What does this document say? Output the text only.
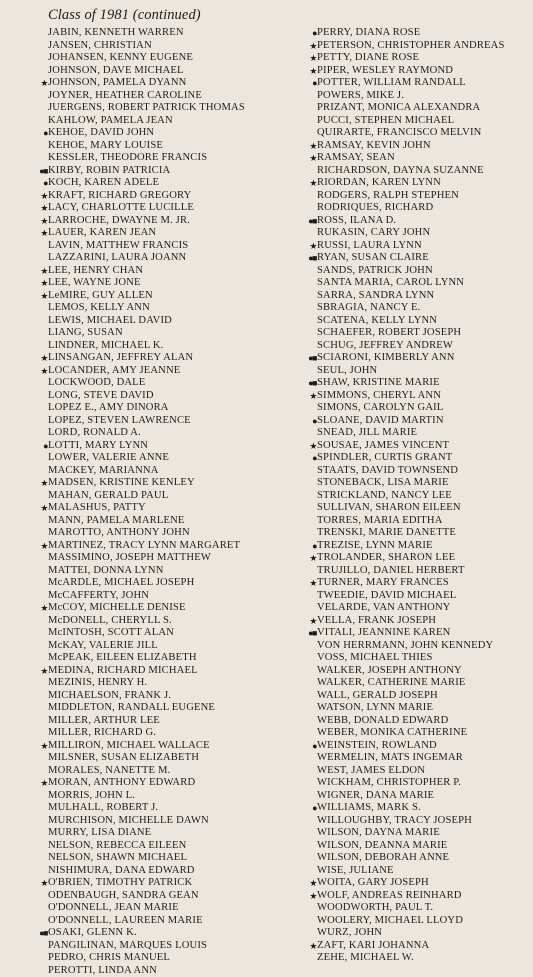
Class of 1981 (continued)
JABIN, KENNETH WARREN
JANSEN, CHRISTIAN
JOHANSEN, KENNY EUGENE
JOHNSON, DAVE MICHAEL
★ JOHNSON, PAMELA DYANN
JOYNER, HEATHER CAROLINE
JUERGENS, ROBERT PATRICK THOMAS
KAHLOW, PAMELA JEAN
● KEHOE, DAVID JOHN
KEHOE, MARY LOUISE
KESSLER, THEODORE FRANCIS
●■ KIRBY, ROBIN PATRICIA
● KOCH, KAREN ADELE
★ KRAFT, RICHARD GREGORY
★ LACY, CHARLOTTE LUCILLE
★ LARROCHE, DWAYNE M. JR.
★ LAUER, KAREN JEAN
LAVIN, MATTHEW FRANCIS
LAZZARINI, LAURA JOANN
★ LEE, HENRY CHAN
★ LEE, WAYNE JONE
★ LeMIRE, GUY ALLEN
LEMOS, KELLY ANN
LEWIS, MICHAEL DAVID
LIANG, SUSAN
LINDNER, MICHAEL K.
★ LINSANGAN, JEFFREY ALAN
★ LOCANDER, AMY JEANNE
LOCKWOOD, DALE
LONG, STEVE DAVID
LOPEZ E., AMY DINORA
LOPEZ, STEVEN LAWRENCE
LORD, RONALD A.
● LOTTI, MARY LYNN
LOWER, VALERIE ANNE
MACKEY, MARIANNA
★ MADSEN, KRISTINE KENLEY
MAHAN, GERALD PAUL
★ MALASHUS, PATTY
MANN, PAMELA MARLENE
MAROTTO, ANTHONY JOHN
★ MARTINEZ, TRACY LYNN MARGARET
MASSIMINO, JOSEPH MATTHEW
MATTEI, DONNA LYNN
McARDLE, MICHAEL JOSEPH
McCAFFERTY, JOHN
★ McCOY, MICHELLE DENISE
McDONELL, CHERYLL S.
McINTOSH, SCOTT ALAN
McKAY, VALERIE JILL
McPEAK, EILEEN ELIZABETH
★ MEDINA, RICHARD MICHAEL
MEZINIS, HENRY H.
MICHAELSON, FRANK J.
MIDDLETON, RANDALL EUGENE
MILLER, ARTHUR LEE
MILLER, RICHARD G.
★ MILLIRON, MICHAEL WALLACE
MILSNER, SUSAN ELIZABETH
MORALES, NANETTE M.
★ MORAN, ANTHONY EDWARD
MORRIS, JOHN L.
MULHALL, ROBERT J.
MURCHISON, MICHELLE DAWN
MURRY, LISA DIANE
NELSON, REBECCA EILEEN
NELSON, SHAWN MICHAEL
NISHIMURA, DANA EDWARD
★ O'BRIEN, TIMOTHY PATRICK
ODENBAUGH, SANDRA GEAN
O'DONNELL, JEAN MARIE
O'DONNELL, LAUREEN MARIE
●■ OSAKI, GLENN K.
PANGILINAN, MARQUES LOUIS
PEDRO, CHRIS MANUEL
PEROTTI, LINDA ANN
● PERRY, DIANA ROSE
★ PETERSON, CHRISTOPHER ANDREAS
★ PETTY, DIANE ROSE
★ PIPER, WESLEY RAYMOND
● POTTER, WILLIAM RANDALL
POWERS, MIKE J.
PRIZANT, MONICA ALEXANDRA
PUCCI, STEPHEN MICHAEL
QUIRARTE, FRANCISCO MELVIN
★ RAMSAY, KEVIN JOHN
★ RAMSAY, SEAN
RICHARDSON, DAYNA SUZANNE
★ RIORDAN, KAREN LYNN
RODGERS, RALPH STEPHEN
RODRIQUES, RICHARD
●■ ROSS, ILANA D.
RUKASIN, CARY JOHN
★ RUSSI, LAURA LYNN
●■ RYAN, SUSAN CLAIRE
SANDS, PATRICK JOHN
SANTA MARIA, CAROL LYNN
SARRA, SANDRA LYNN
SBRAGIA, NANCY E.
SCATENA, KELLY LYNN
SCHAEFER, ROBERT JOSEPH
SCHUG, JEFFREY ANDREW
●■ SCIARONI, KIMBERLY ANN
SEUL, JOHN
●■ SHAW, KRISTINE MARIE
★ SIMMONS, CHERYL ANN
SIMONS, CAROLYN GAIL
● SLOANE, DAVID MARTIN
SNEAD, JILL MARIE
★ SOUSAE, JAMES VINCENT
● SPINDLER, CURTIS GRANT
STAATS, DAVID TOWNSEND
STONEBACK, LISA MARIE
STRICKLAND, NANCY LEE
SULLIVAN, SHARON EILEEN
TORRES, MARIA EDITHA
TRENSKI, MARIE DANETTE
● TREZISE, LYNN MARIE
★ TROLANDER, SHARON LEE
TRUJILLO, DANIEL HERBERT
★ TURNER, MARY FRANCES
TWEEDIE, DAVID MICHAEL
VELARDE, VAN ANTHONY
★ VELLA, FRANK JOSEPH
●■ VITALI, JEANNINE KAREN
VON HERRMANN, JOHN KENNEDY
VOSS, MICHAEL THIES
WALKER, JOSEPH ANTHONY
WALKER, CATHERINE MARIE
WALL, GERALD JOSEPH
WATSON, LYNN MARIE
WEBB, DONALD EDWARD
WEBER, MONIKA CATHERINE
● WEINSTEIN, ROWLAND
WERMELIN, MATS INGEMAR
WEST, JAMES ELDON
WICKHAM, CHRISTOPHER P.
WIGNER, DANA MARIE
● WILLIAMS, MARK S.
WILLOUGHBY, TRACY JOSEPH
WILSON, DAYNA MARIE
WILSON, DEANNA MARIE
WILSON, DEBORAH ANNE
WISE, JULIANE
★ WOITA, GARY JOSEPH
★ WOLF, ANDREAS REINHARD
WOODWORTH, PAUL T.
WOOLERY, MICHAEL LLOYD
WURZ, JOHN
★ ZAFT, KARI JOHANNA
ZEHE, MICHAEL W.
